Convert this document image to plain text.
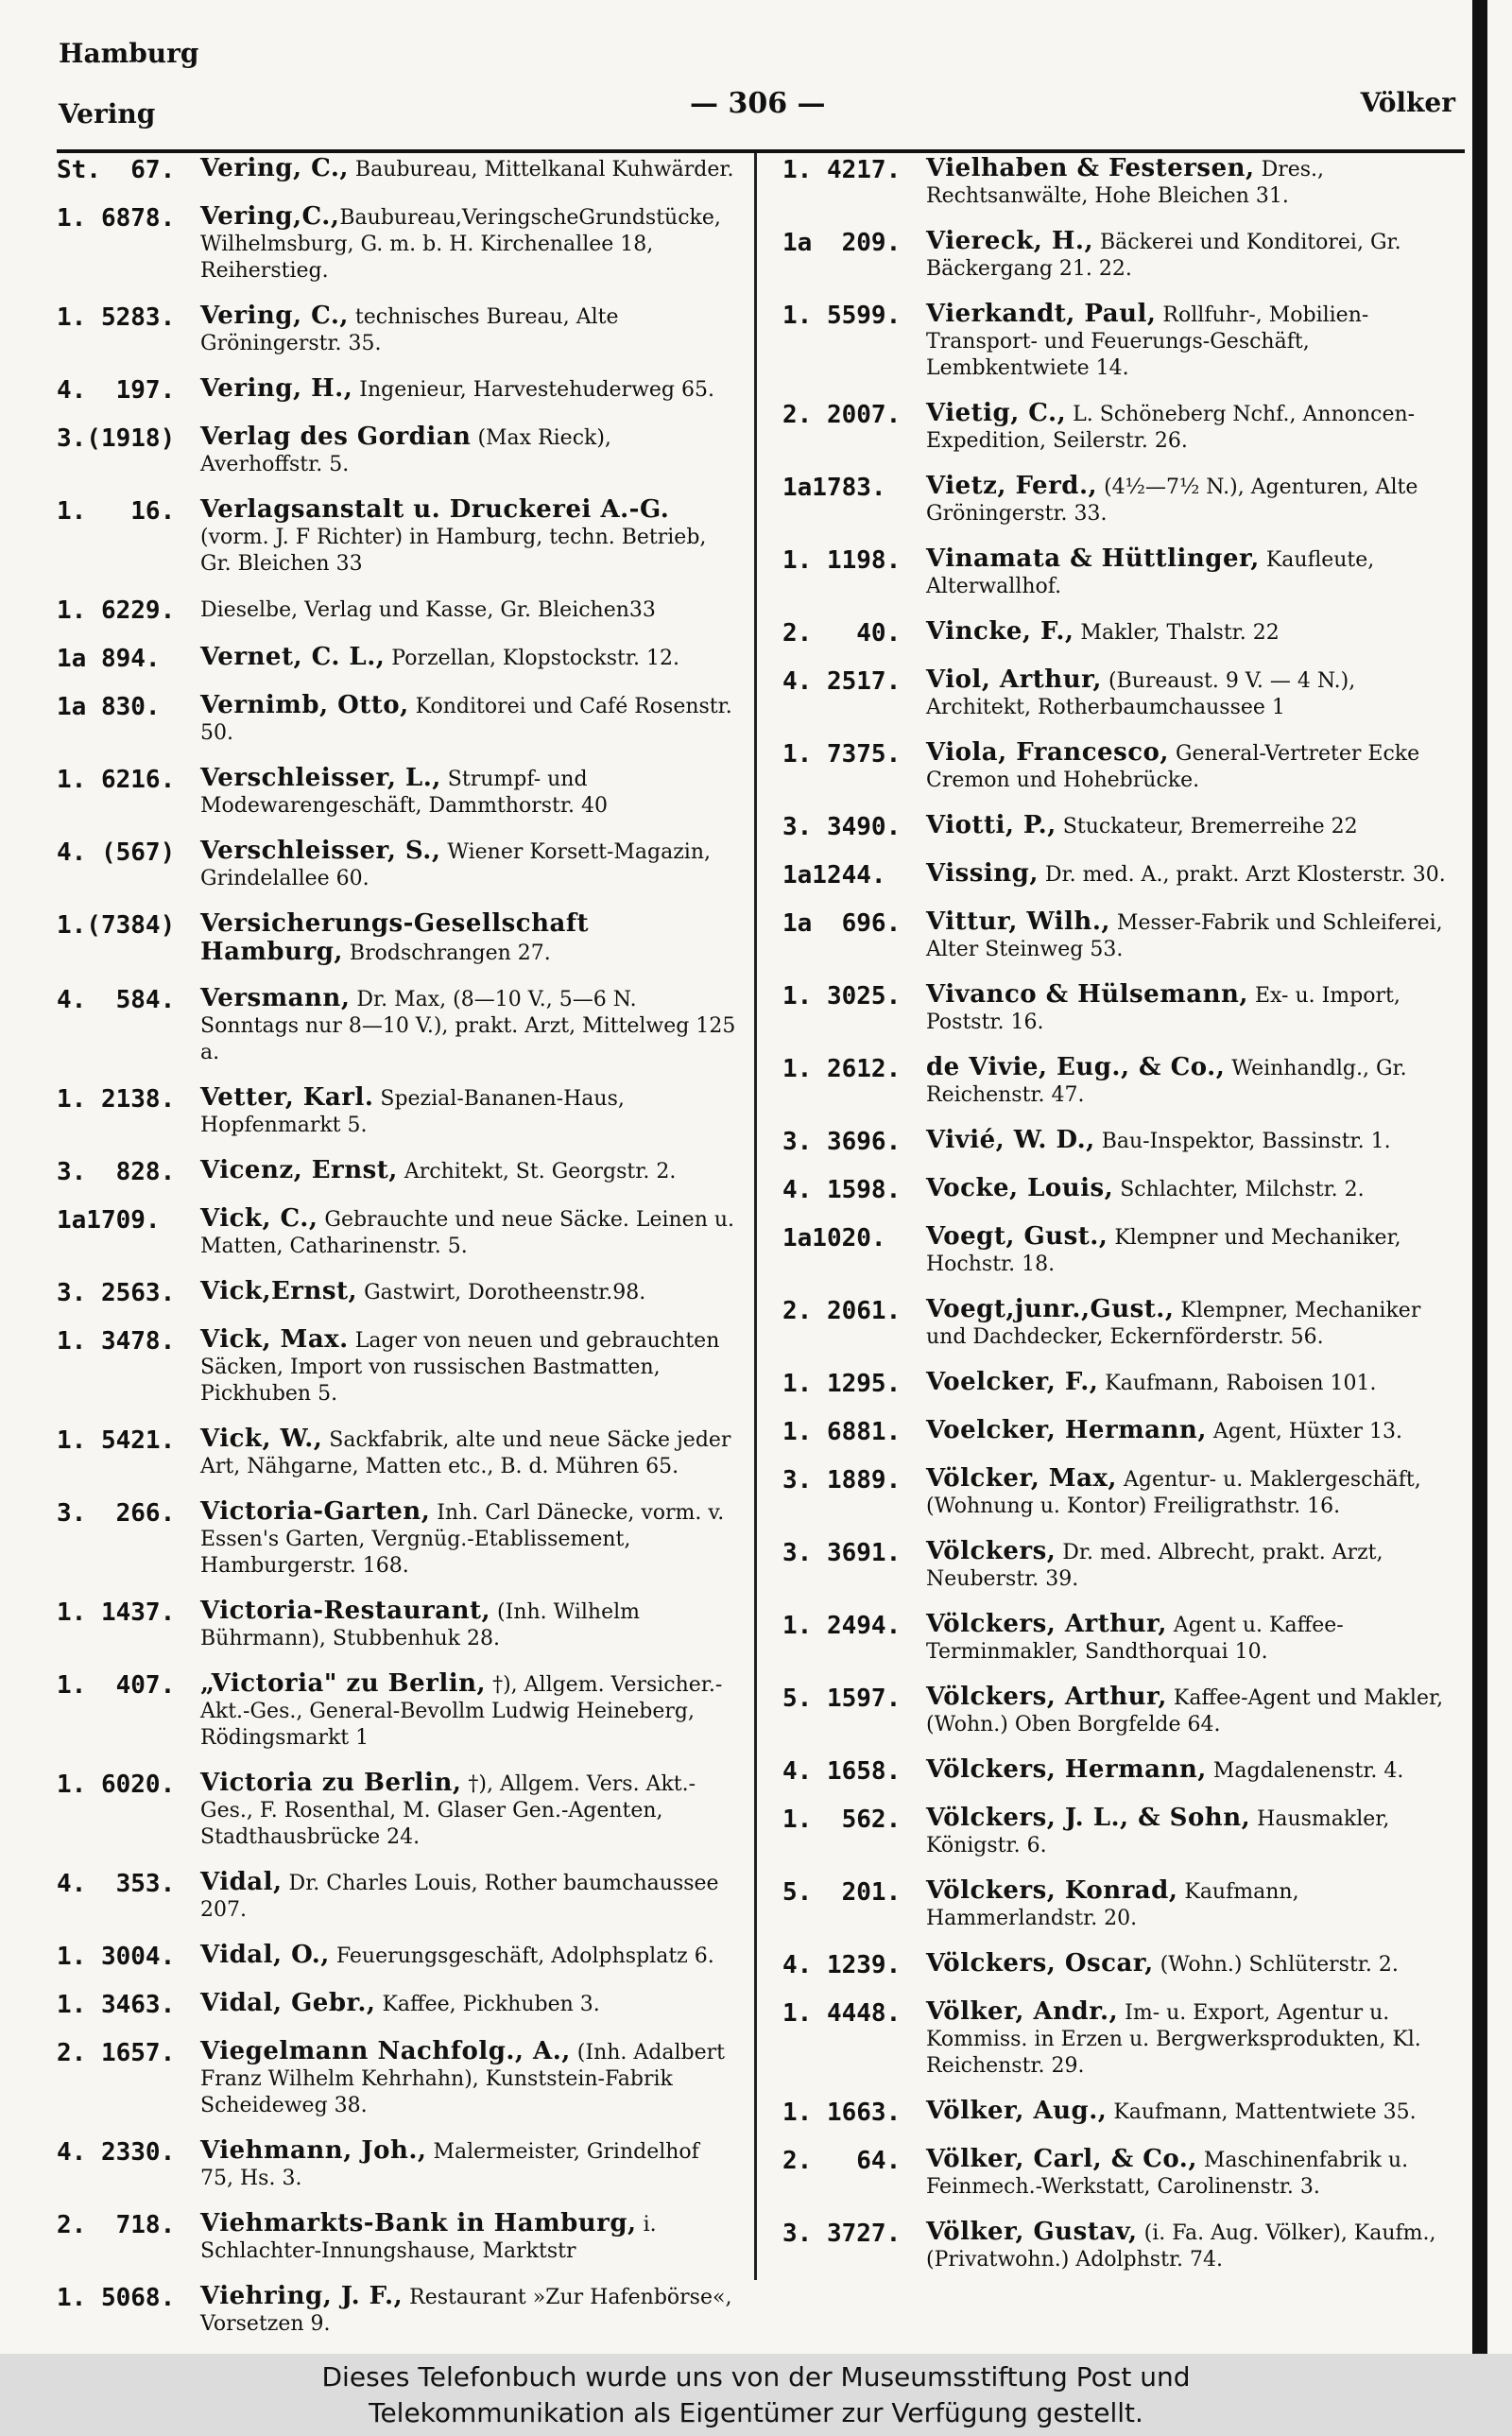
Hamburg
Vering	— 306 —	Völker
St.  67.	Vering, C., Baubureau, Mittelkanal Kuhwärder.
1. 6878.	Vering,C.,Baubureau,VeringscheGrundstücke, Wilhelmsburg, G. m. b. H. Kirchenallee 18, Reiherstieg.
1. 5283.	Vering, C., technisches Bureau, Alte Gröningerstr. 35.
4.  197.	Vering, H., Ingenieur, Harvestehuderweg 65.
3.(1918)	Verlag des Gordian (Max Rieck), Averhoffstr. 5.
1.   16.	Verlagsanstalt u. Druckerei A.-G. (vorm. J. F Richter) in Hamburg, techn. Betrieb, Gr. Bleichen 33
1. 6229.	Dieselbe, Verlag und Kasse, Gr. Bleichen33
1a 894.	Vernet, C. L., Porzellan, Klopstockstr. 12.
1a 830.	Vernimb, Otto, Konditorei und Café Rosenstr. 50.
1. 6216.	Verschleisser, L., Strumpf- und Modewarengeschäft, Dammthorstr. 40
4. (567)	Verschleisser, S., Wiener Korsett-Magazin, Grindelallee 60.
1.(7384)	Versicherungs-Gesellschaft Hamburg, Brodschrangen 27.
4.  584.	Versmann, Dr. Max, (8—10 V., 5—6 N. Sonntags nur 8—10 V.), prakt. Arzt, Mittelweg 125 a.
1. 2138.	Vetter, Karl. Spezial-Bananen-Haus, Hopfenmarkt 5.
3.  828.	Vicenz, Ernst, Architekt, St. Georgstr. 2.
1a1709.	Vick, C., Gebrauchte und neue Säcke. Leinen u. Matten, Catharinenstr. 5.
3. 2563.	Vick,Ernst, Gastwirt, Dorotheenstr.98.
1. 3478.	Vick, Max. Lager von neuen und gebrauchten Säcken, Import von russischen Bastmatten, Pickhuben 5.
1. 5421.	Vick, W., Sackfabrik, alte und neue Säcke jeder Art, Nähgarne, Matten etc., B. d. Mühren 65.
3.  266.	Victoria-Garten, Inh. Carl Dänecke, vorm. v. Essen's Garten, Vergnüg.-Etablissement, Hamburgerstr. 168.
1. 1437.	Victoria-Restaurant, (Inh. Wilhelm Bührmann), Stubbenhuk 28.
1.  407.	„Victoria" zu Berlin, †), Allgem. Versicher.-Akt.-Ges., General-Bevollm Ludwig Heineberg, Rödingsmarkt 1
1. 6020.	Victoria zu Berlin, †), Allgem. Vers. Akt.-Ges., F. Rosenthal, M. Glaser Gen.-Agenten, Stadthausbrücke 24.
4.  353.	Vidal, Dr. Charles Louis, Rother baumchaussee 207.
1. 3004.	Vidal, O., Feuerungsgeschäft, Adolphsplatz 6.
1. 3463.	Vidal, Gebr., Kaffee, Pickhuben 3.
2. 1657.	Viegelmann Nachfolg., A., (Inh. Adalbert Franz Wilhelm Kehrhahn), Kunststein-Fabrik Scheideweg 38.
4. 2330.	Viehmann, Joh., Malermeister, Grindelhof 75, Hs. 3.
2.  718.	Viehmarkts-Bank in Hamburg, i. Schlachter-Innungshause, Marktstr
1. 5068.	Viehring, J. F., Restaurant »Zur Hafenbörse«, Vorsetzen 9.
1. 4217.	Vielhaben & Festersen, Dres., Rechtsanwälte, Hohe Bleichen 31.
1a  209.	Viereck, H., Bäckerei und Konditorei, Gr. Bäckergang 21. 22.
1. 5599.	Vierkandt, Paul, Rollfuhr-, Mobilien-Transport- und Feuerungs-Geschäft, Lembkentwiete 14.
2. 2007.	Vietig, C., L. Schöneberg Nchf., Annoncen-Expedition, Seilerstr. 26.
1a1783.	Vietz, Ferd., (4½—7½ N.), Agenturen, Alte Gröningerstr. 33.
1. 1198.	Vinamata & Hüttlinger, Kaufleute, Alterwallhof.
2.   40.	Vincke, F., Makler, Thalstr. 22
4. 2517.	Viol, Arthur, (Bureaust. 9 V. — 4 N.), Architekt, Rotherbaumchaussee 1
1. 7375.	Viola, Francesco, General-Vertreter Ecke Cremon und Hohebrücke.
3. 3490.	Viotti, P., Stuckateur, Bremerreihe 22
1a1244.	Vissing, Dr. med. A., prakt. Arzt Klosterstr. 30.
1a  696.	Vittur, Wilh., Messer-Fabrik und Schleiferei, Alter Steinweg 53.
1. 3025.	Vivanco & Hülsemann, Ex- u. Import, Poststr. 16.
1. 2612.	de Vivie, Eug., & Co., Weinhandlg., Gr. Reichenstr. 47.
3. 3696.	Vivié, W. D., Bau-Inspektor, Bassinstr. 1.
4. 1598.	Vocke, Louis, Schlachter, Milchstr. 2.
1a1020.	Voegt, Gust., Klempner und Mechaniker, Hochstr. 18.
2. 2061.	Voegt,junr.,Gust., Klempner, Mechaniker und Dachdecker, Eckernförderstr. 56.
1. 1295.	Voelcker, F., Kaufmann, Raboisen 101.
1. 6881.	Voelcker, Hermann, Agent, Hüxter 13.
3. 1889.	Völcker, Max, Agentur- u. Maklergeschäft, (Wohnung u. Kontor) Freiligrathstr. 16.
3. 3691.	Völckers, Dr. med. Albrecht, prakt. Arzt, Neuberstr. 39.
1. 2494.	Völckers, Arthur, Agent u. Kaffee-Terminmakler, Sandthorquai 10.
5. 1597.	Völckers, Arthur, Kaffee-Agent und Makler, (Wohn.) Oben Borgfelde 64.
4. 1658.	Völckers, Hermann, Magdalenenstr. 4.
1.  562.	Völckers, J. L., & Sohn, Hausmakler, Königstr. 6.
5.  201.	Völckers, Konrad, Kaufmann, Hammerlandstr. 20.
4. 1239.	Völckers, Oscar, (Wohn.) Schlüterstr. 2.
1. 4448.	Völker, Andr., Im- u. Export, Agentur u. Kommiss. in Erzen u. Bergwerksprodukten, Kl. Reichenstr. 29.
1. 1663.	Völker, Aug., Kaufmann, Mattentwiete 35.
2.   64.	Völker, Carl, & Co., Maschinenfabrik u. Feinmech.-Werkstatt, Carolinenstr. 3.
3. 3727.	Völker, Gustav, (i. Fa. Aug. Völker), Kaufm., (Privatwohn.) Adolphstr. 74.
Dieses Telefonbuch wurde uns von der Museumsstiftung Post und
Telekommunikation als Eigentümer zur Verfügung gestellt.
